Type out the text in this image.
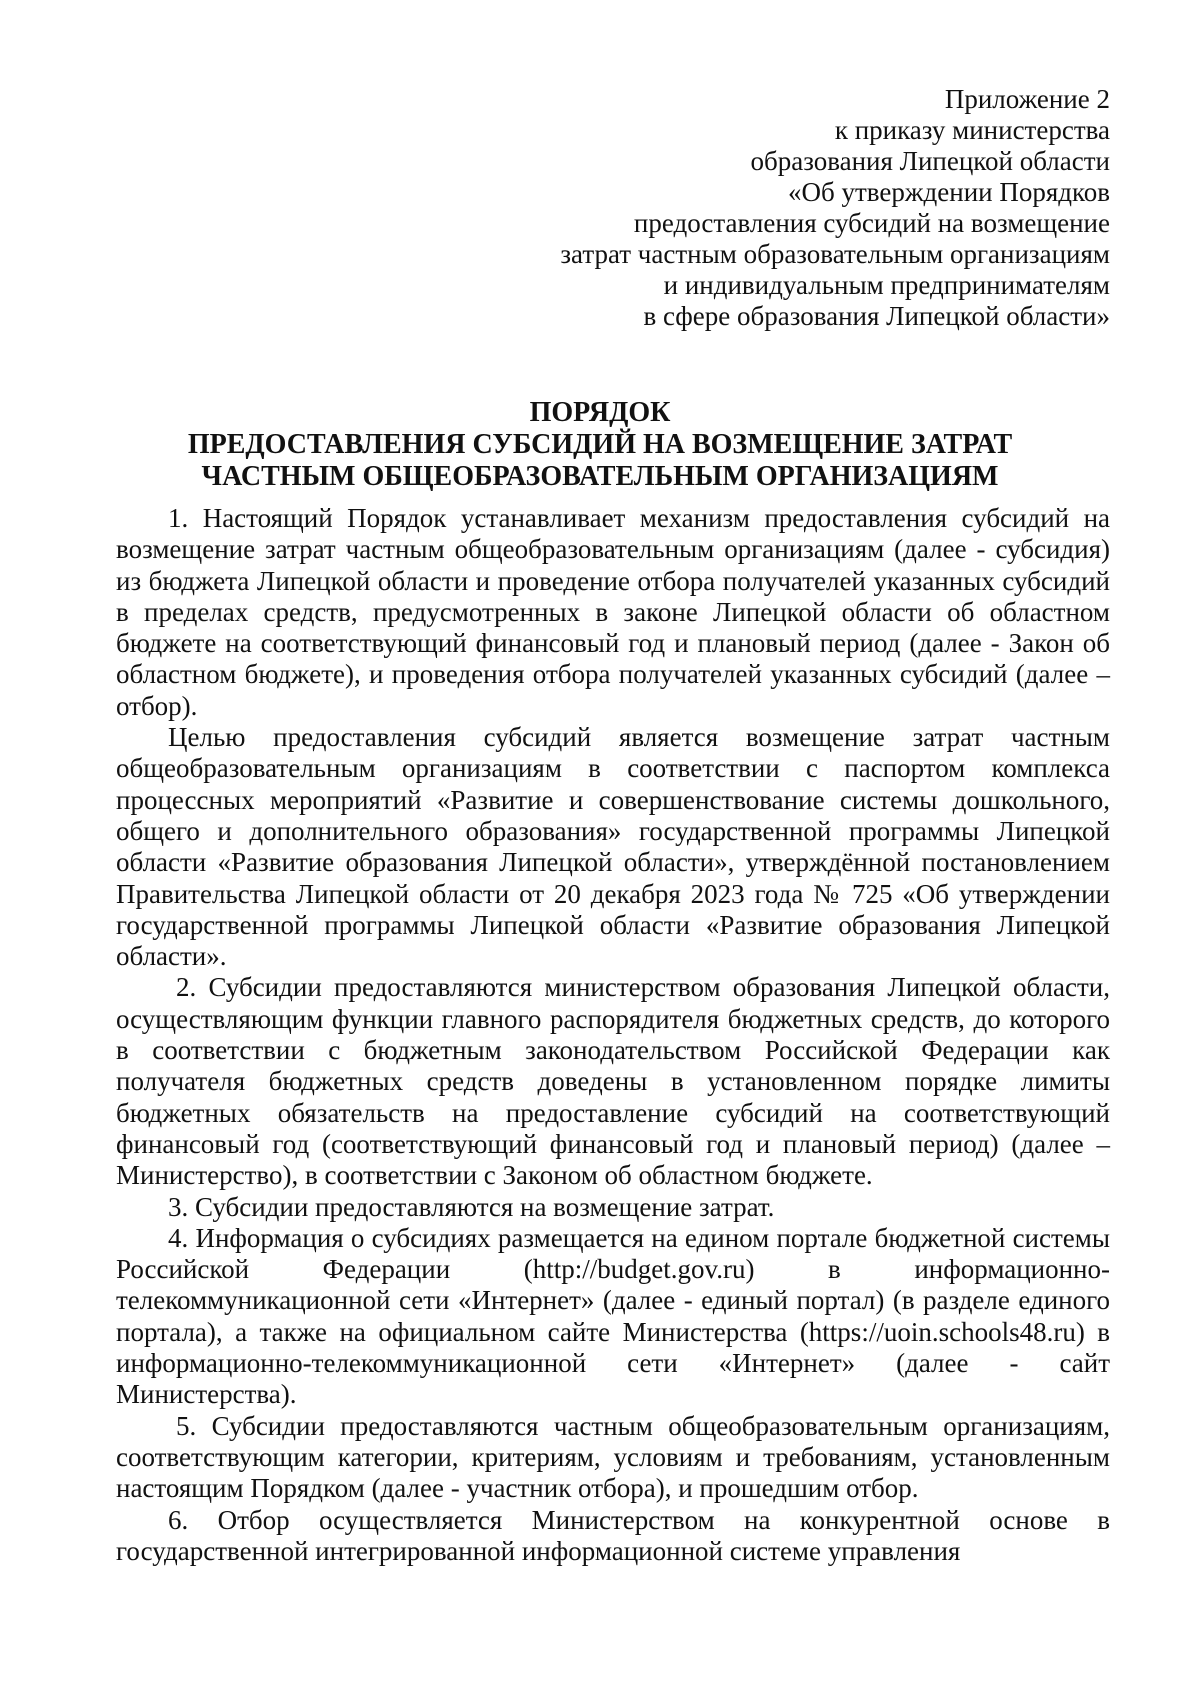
Приложение 2
к приказу министерства
образования Липецкой области
«Об утверждении Порядков
предоставления субсидий на возмещение
затрат частным образовательным организациям
и индивидуальным предпринимателям
в сфере образования Липецкой области»
ПОРЯДОК
ПРЕДОСТАВЛЕНИЯ СУБСИДИЙ НА ВОЗМЕЩЕНИЕ ЗАТРАТ
ЧАСТНЫМ ОБЩЕОБРАЗОВАТЕЛЬНЫМ ОРГАНИЗАЦИЯМ

1. Настоящий Порядок устанавливает механизм предоставления субсидий на возмещение затрат частным общеобразовательным организациям (далее - субсидия) из бюджета Липецкой области и проведение отбора получателей указанных субсидий в пределах средств, предусмотренных в законе Липецкой области об областном бюджете на соответствующий финансовый год и плановый период (далее - Закон об областном бюджете), и проведения отбора получателей указанных субсидий (далее – отбор).

Целью предоставления субсидий является возмещение затрат частным общеобразовательным организациям в соответствии с паспортом комплекса процессных мероприятий «Развитие и совершенствование системы дошкольного, общего и дополнительного образования» государственной программы Липецкой области «Развитие образования Липецкой области», утверждённой постановлением Правительства Липецкой области от 20 декабря 2023 года № 725 «Об утверждении государственной программы Липецкой области «Развитие образования Липецкой области».

2. Субсидии предоставляются министерством образования Липецкой области, осуществляющим функции главного распорядителя бюджетных средств, до которого в соответствии с бюджетным законодательством Российской Федерации как получателя бюджетных средств доведены в установленном порядке лимиты бюджетных обязательств на предоставление субсидий на соответствующий финансовый год (соответствующий финансовый год и плановый период) (далее – Министерство), в соответствии с Законом об областном бюджете.

3. Субсидии предоставляются на возмещение затрат.

4. Информация о субсидиях размещается на едином портале бюджетной системы Российской Федерации (http://budget.gov.ru) в информационно-телекоммуникационной сети «Интернет» (далее - единый портал) (в разделе единого портала), а также на официальном сайте Министерства (https://uoin.schools48.ru) в информационно-телекоммуникационной сети «Интернет» (далее - сайт Министерства).

5. Субсидии предоставляются частным общеобразовательным организациям, соответствующим категории, критериям, условиям и требованиям, установленным настоящим Порядком (далее - участник отбора), и прошедшим отбор.

6. Отбор осуществляется Министерством на конкурентной основе в государственной интегрированной информационной системе управления
